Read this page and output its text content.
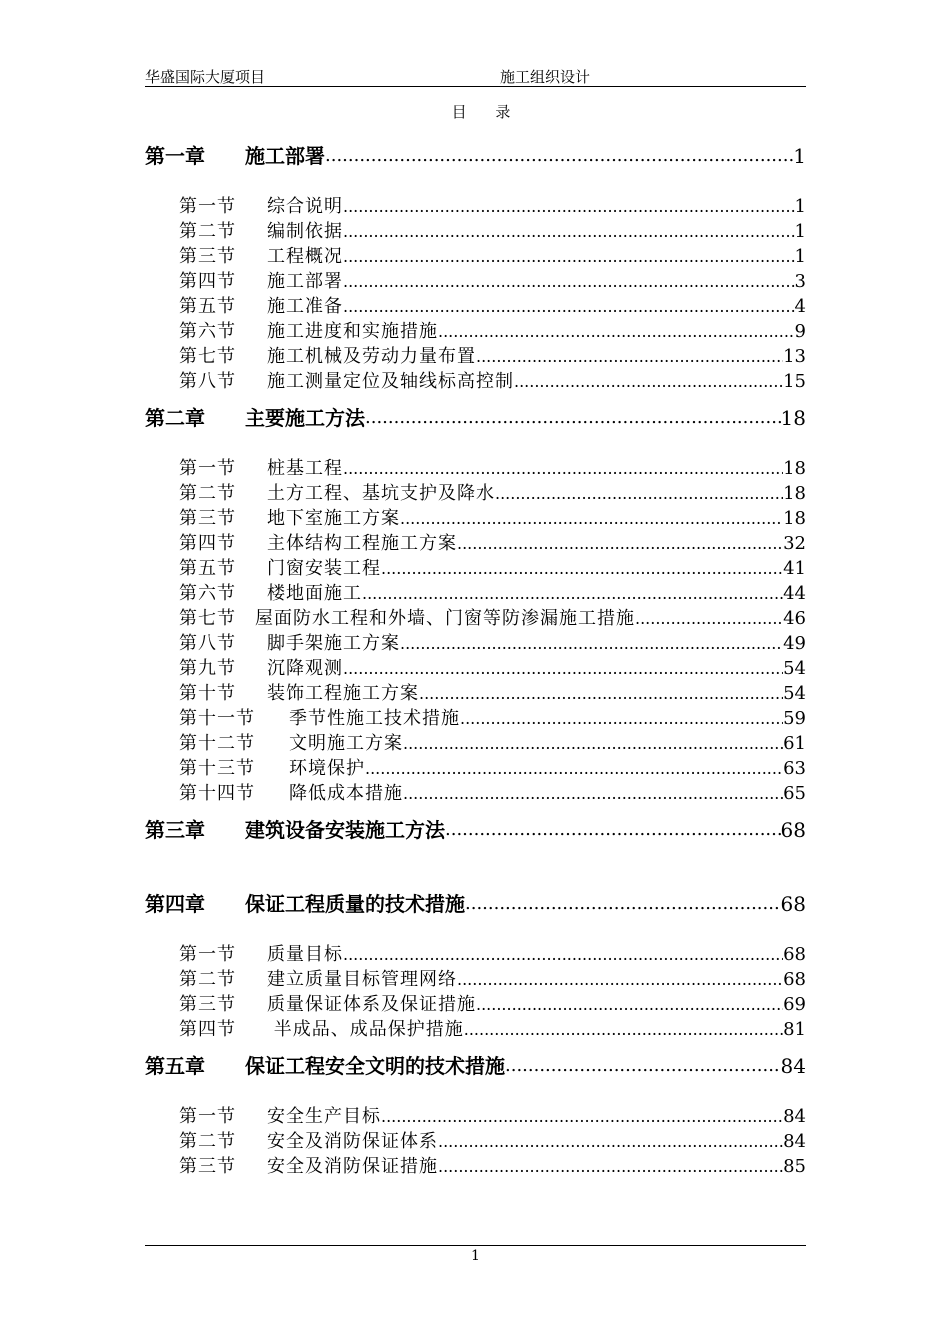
华盛国际大厦项目	施工组织设计
目 录
第一章 施工部署 .....	1
第一节 综合说明 .....	1
第二节 编制依据 .....	1
第三节 工程概况 .....	1
第四节 施工部署 .....	3
第五节 施工准备 .....	4
第六节 施工进度和实施措施 .....	9
第七节 施工机械及劳动力量布置 .....	13
第八节 施工测量定位及轴线标高控制 .....	15
第二章 主要施工方法 .....	18
第一节 桩基工程 .....	18
第二节 土方工程、基坑支护及降水 .....	18
第三节 地下室施工方案 .....	18
第四节 主体结构工程施工方案 .....	32
第五节 门窗安装工程 .....	41
第六节 楼地面施工 .....	44
第七节 屋面防水工程和外墙、门窗等防渗漏施工措施 .....	46
第八节 脚手架施工方案 .....	49
第九节 沉降观测 .....	54
第十节 装饰工程施工方案 .....	54
第十一节 季节性施工技术措施 .....	59
第十二节 文明施工方案 .....	61
第十三节 环境保护 .....	63
第十四节 降低成本措施 .....	65
第三章 建筑设备安装施工方法 .....	68
第四章 保证工程质量的技术措施 .....	68
第一节 质量目标 .....	68
第二节 建立质量目标管理网络 .....	68
第三节 质量保证体系及保证措施 .....	69
第四节 半成品、成品保护措施 .....	81
第五章 保证工程安全文明的技术措施 .....	84
第一节 安全生产目标 .....	84
第二节 安全及消防保证体系 .....	84
第三节 安全及消防保证措施 .....	85
1
